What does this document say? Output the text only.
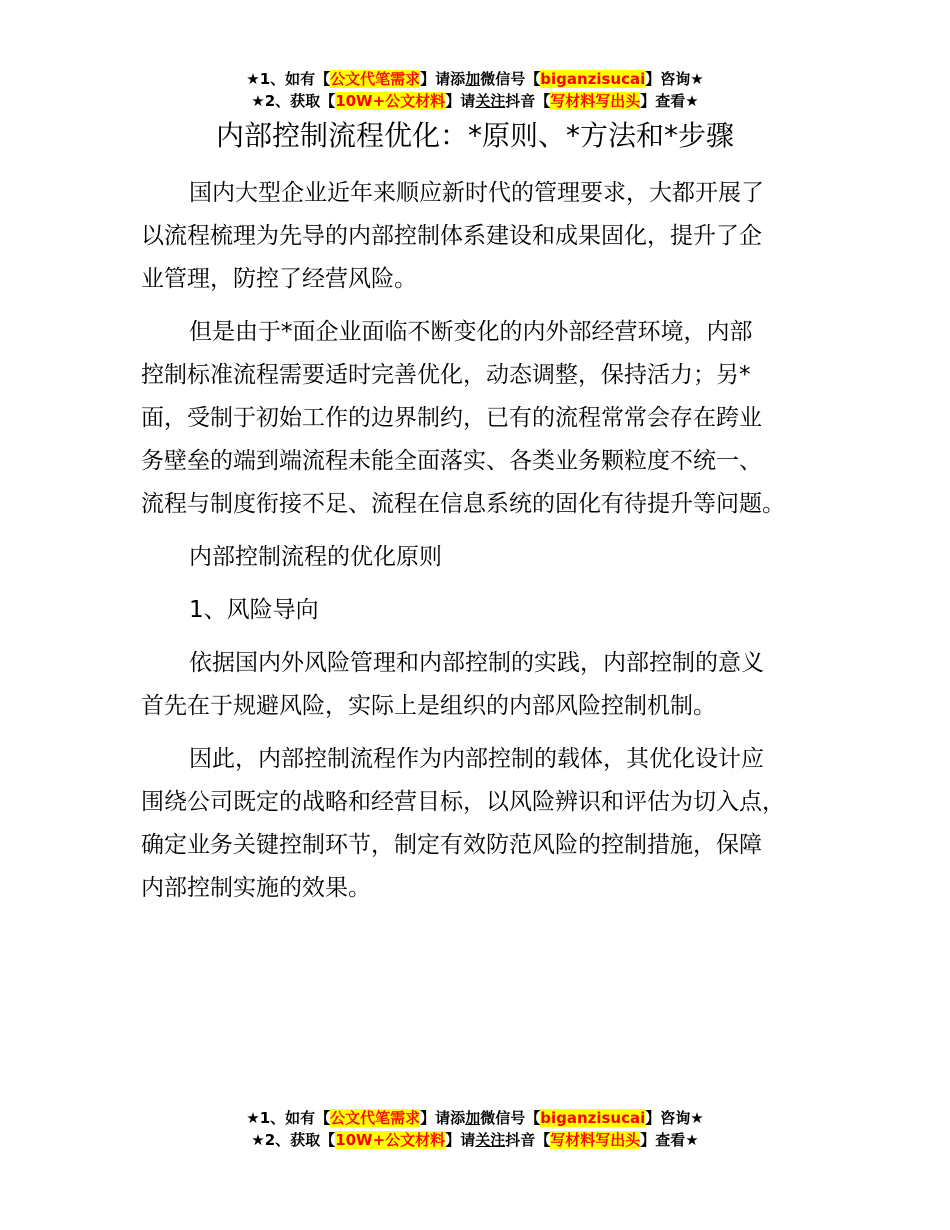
★1、如有【公文代笔需求】请添加微信号【biganzisucai】咨询★
★2、获取【10W+公文材料】请关注抖音【写材料写出头】查看★
内部控制流程优化：*原则、*方法和*步骤
国内大型企业近年来顺应新时代的管理要求，大都开展了
以流程梳理为先导的内部控制体系建设和成果固化，提升了企
业管理，防控了经营风险。
但是由于*面企业面临不断变化的内外部经营环境，内部
控制标准流程需要适时完善优化，动态调整，保持活力；另*
面，受制于初始工作的边界制约，已有的流程常常会存在跨业
务壁垒的端到端流程未能全面落实、各类业务颗粒度不统一、
流程与制度衔接不足、流程在信息系统的固化有待提升等问题。
内部控制流程的优化原则
1、风险导向
依据国内外风险管理和内部控制的实践，内部控制的意义
首先在于规避风险，实际上是组织的内部风险控制机制。
因此，内部控制流程作为内部控制的载体，其优化设计应
围绕公司既定的战略和经营目标，以风险辨识和评估为切入点，
确定业务关键控制环节，制定有效防范风险的控制措施，保障
内部控制实施的效果。
★1、如有【公文代笔需求】请添加微信号【biganzisucai】咨询★
★2、获取【10W+公文材料】请关注抖音【写材料写出头】查看★
